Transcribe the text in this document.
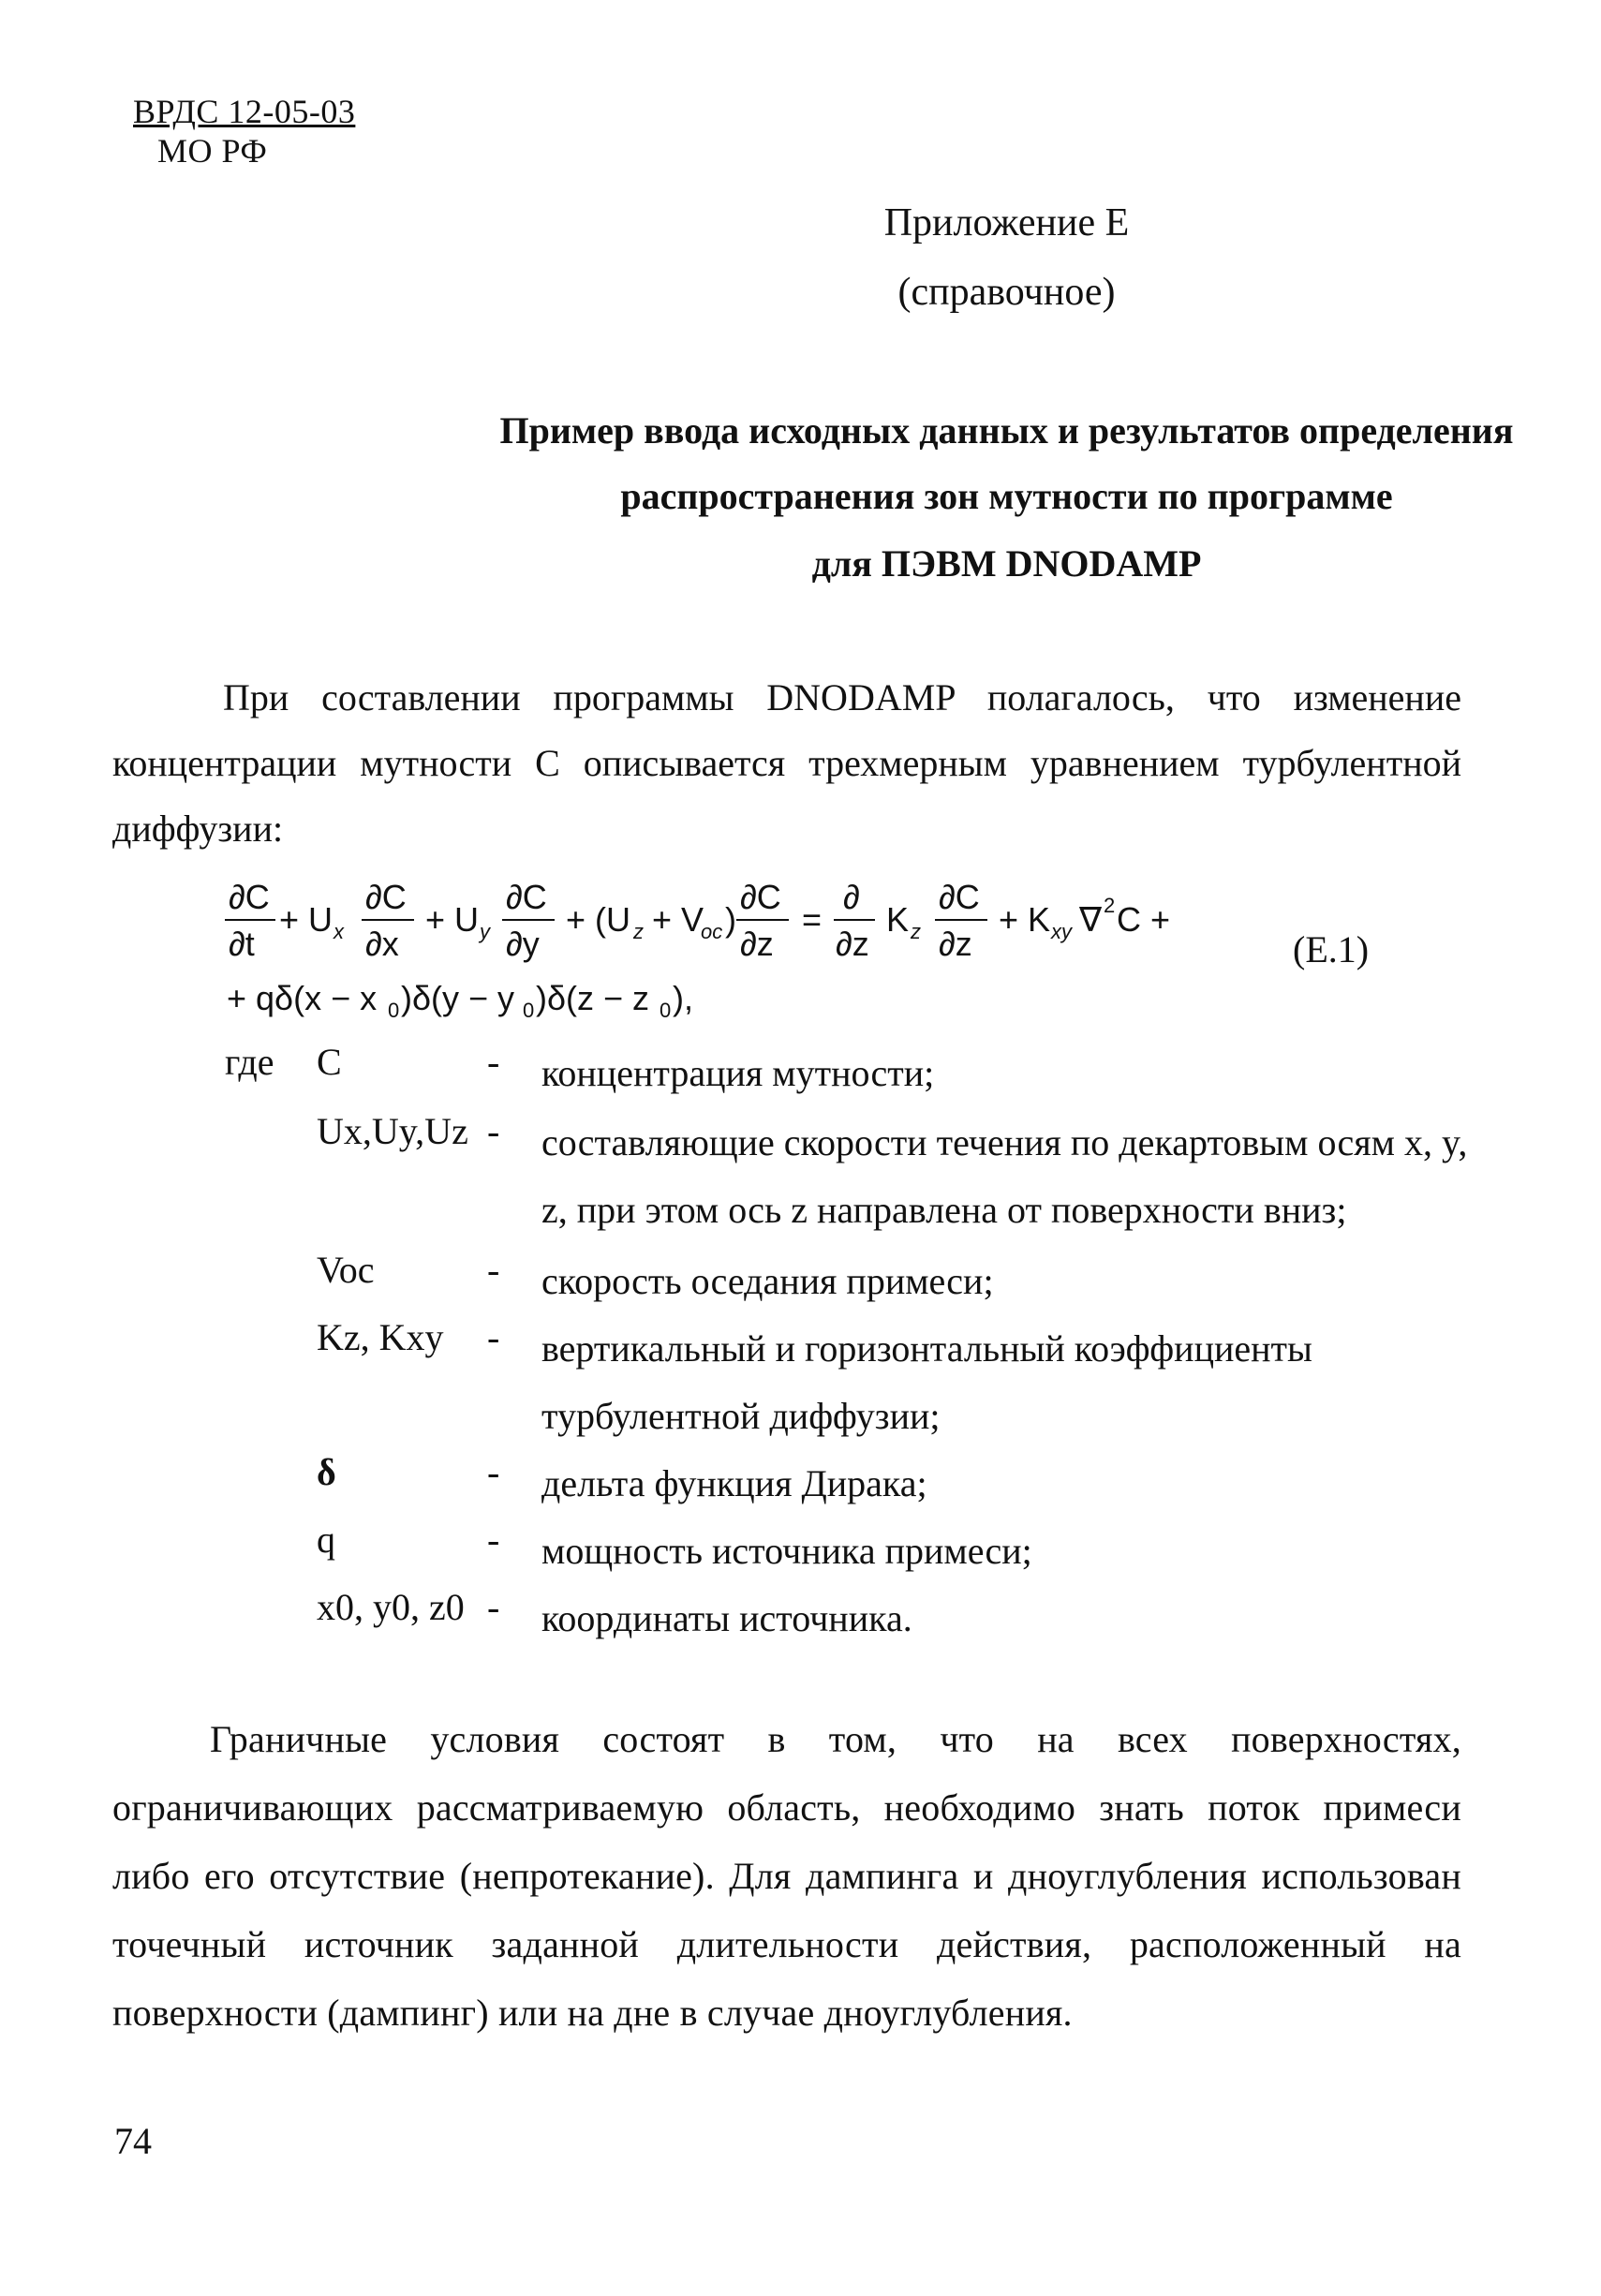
ВРДС 12-05-03
МО РФ
Приложение Е
(справочное)
Пример ввода исходных данных и результатов определения
распространения зон мутности по программе
для ПЭВМ DNODAMP
При составлении программы DNODAMP полагалось, что изменение концентрации мутности С описывается трехмерным уравнением турбулентной диффузии:
∂C
∂t
+ U x
∂C
∂x
+ U y
∂C
∂y
+ (U z + V
oc )
∂C
∂z
=
∂
∂z
K z
∂C
∂z
+ K xy ∇ 2 C +
+ qδ(x − x 0 )δ(y − y 0 )δ(z − z 0 ),
(E.1)
где C	- концентрация мутности;
Ux,Uy,Uz - составляющие скорости течения по декартовым осям x, y, z, при этом ось z направлена от поверхности вниз;
Voc	- скорость оседания примеси;
Kz, Kxy - вертикальный и горизонтальный коэффициенты турбулентной диффузии;
δ	- дельта функция Дирака;
q	- мощность источника примеси;
x0, y0, z0 - координаты источника.
Граничные условия состоят в том, что на всех поверхностях, ограничивающих рассматриваемую область, необходимо знать поток примеси либо его отсутствие (непротекание). Для дампинга и дноуглубления использован точечный источник заданной длительности действия, расположенный на поверхности (дампинг) или на дне в случае дноуглубления.
74
